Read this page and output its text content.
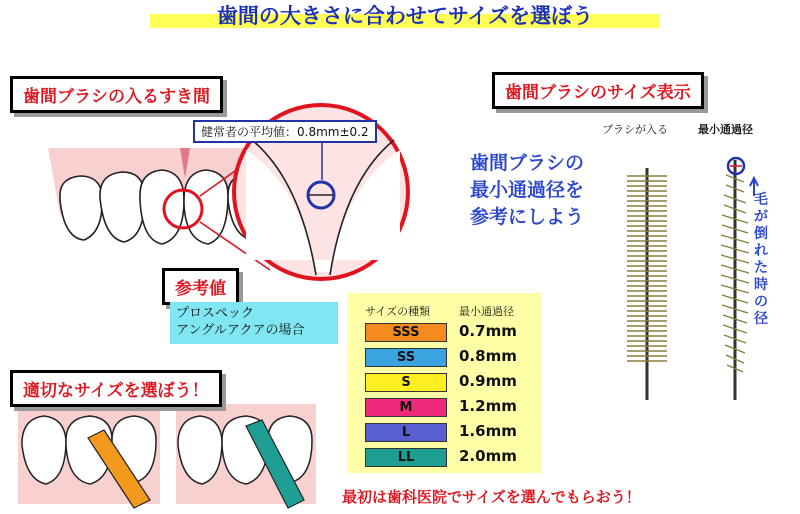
歯間の大きさに合わせてサイズを選ぼう
歯間ブラシの入るすき間	歯間ブラシのサイズ表示
参考値
適切なサイズを選ぼう！
健常者の平均値：0.8mm±0.2
歯間ブラシの
最小通過径を
参考にしよう
ブラシが入る	最小通過径
毛が倒れた時の径
プロスペック
アングルアクアの場合
サイズの種類	最小通過径
SSS	0.7mm
SS	0.8mm
S	0.9mm
M	1.2mm
L	1.6mm
LL	2.0mm
最初は歯科医院でサイズを選んでもらおう！
